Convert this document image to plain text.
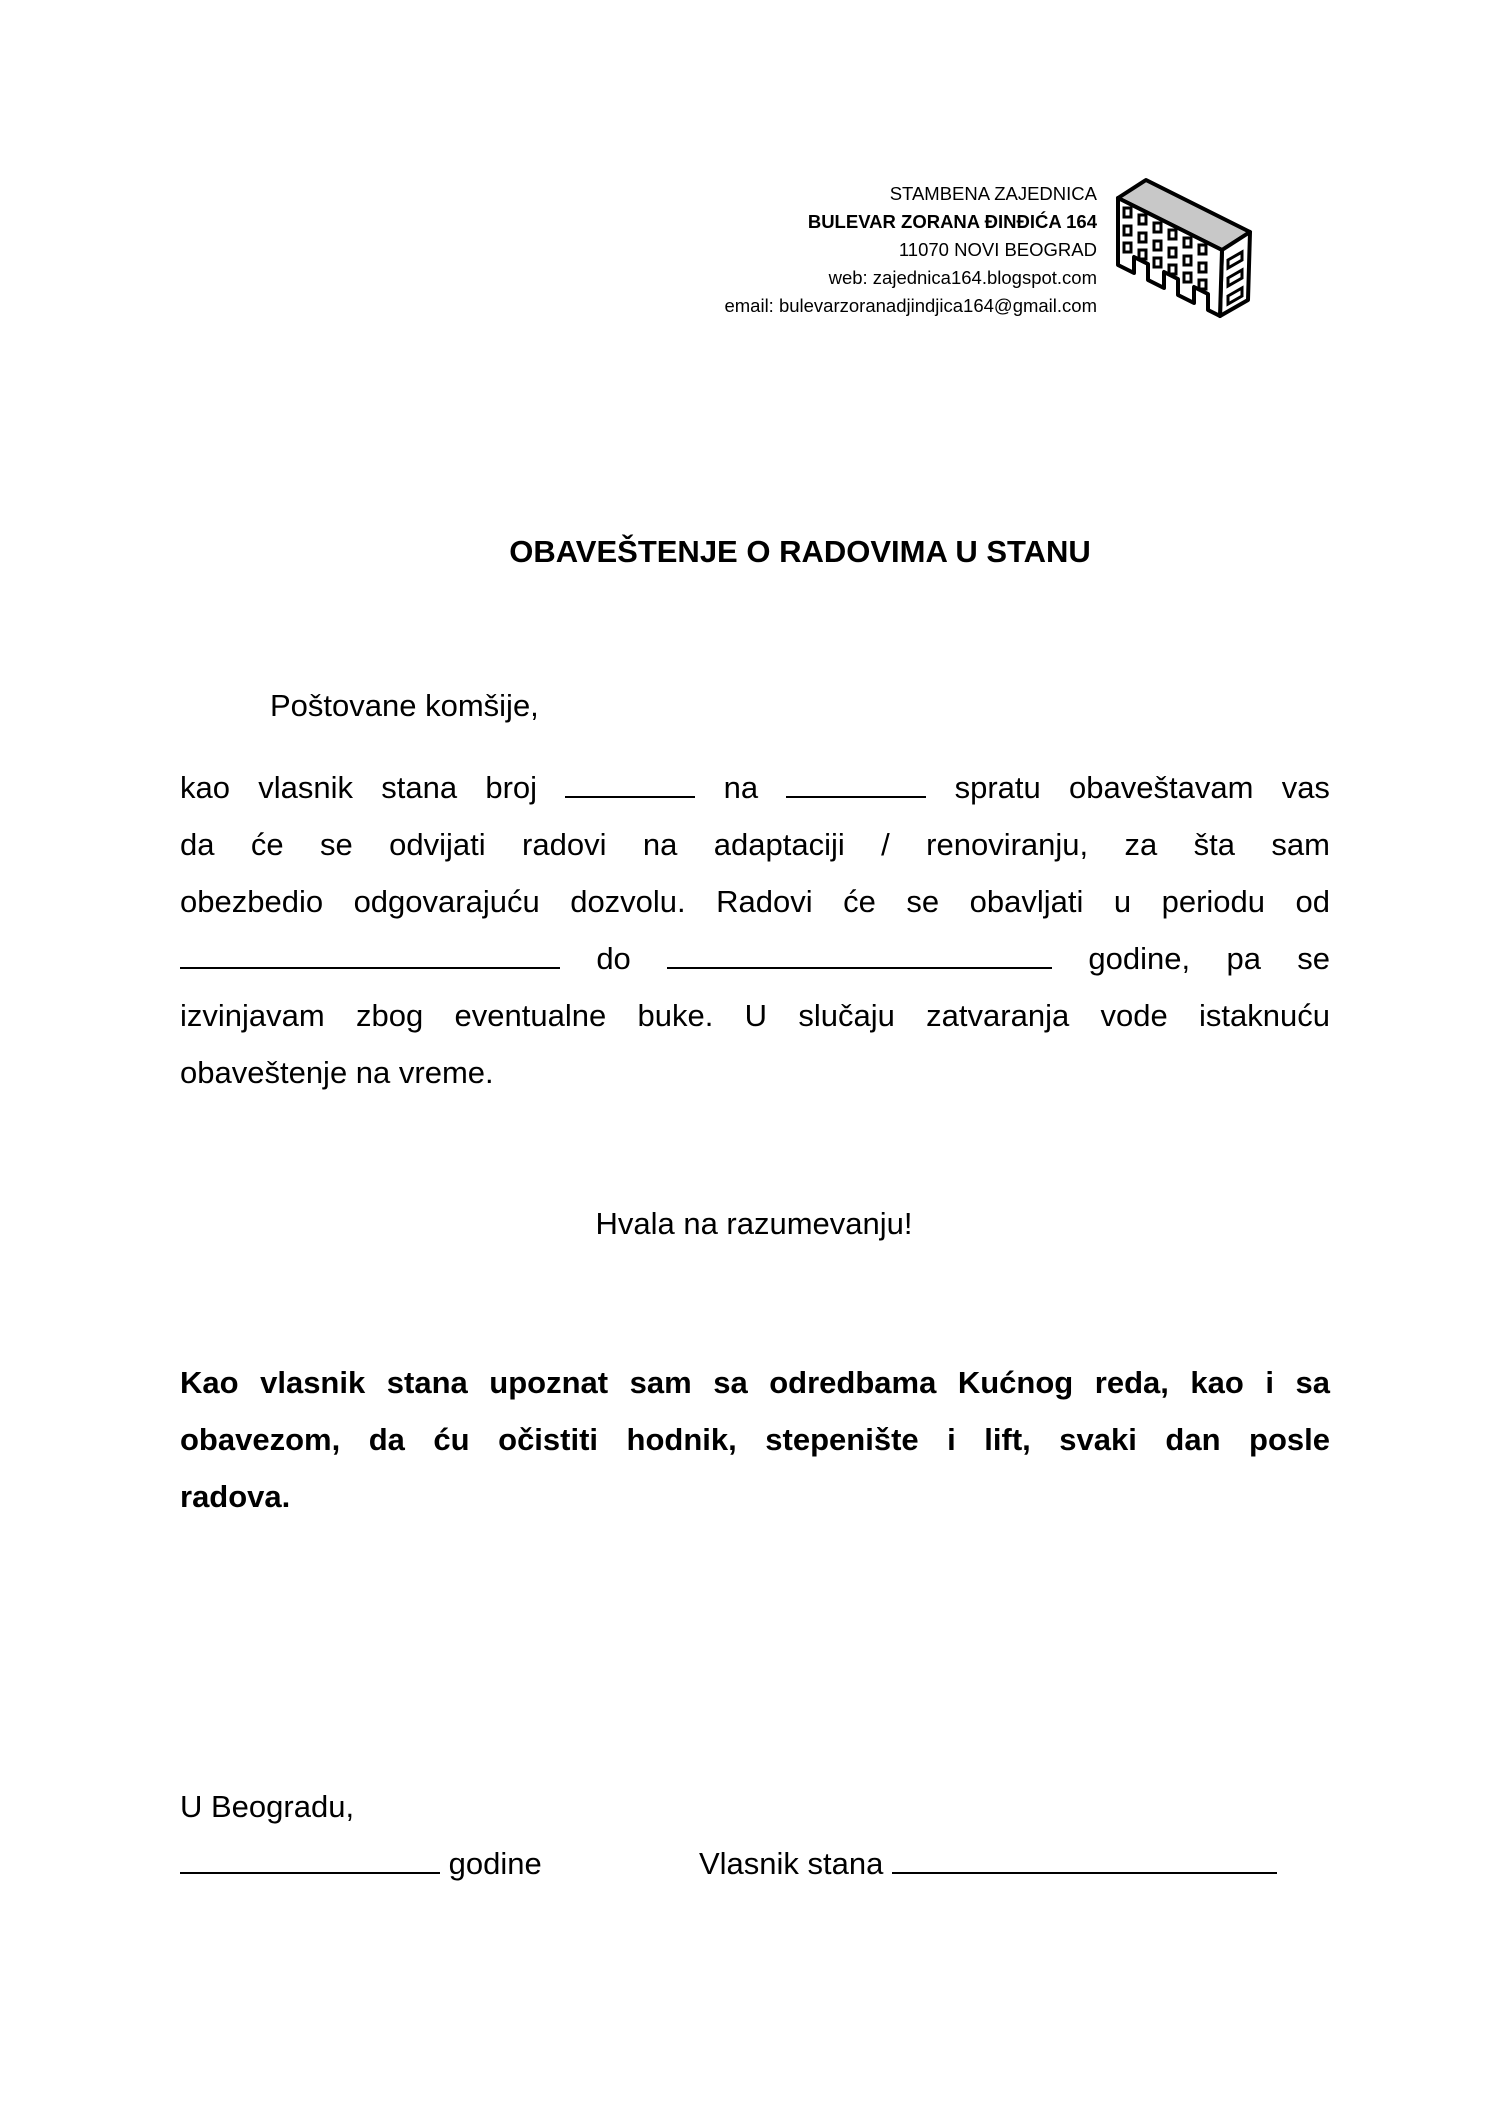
STAMBENA ZAJEDNICA
BULEVAR ZORANA ĐINĐIĆA 164
11070 NOVI BEOGRAD
web: zajednica164.blogspot.com
email: bulevarzoranadjindjica164@gmail.com
OBAVEŠTENJE O RADOVIMA U STANU
Poštovane komšije,
kao vlasnik stana broj	na	spratu obaveštavam vas
da će se odvijati radovi na adaptaciji / renoviranju, za šta sam
obezbedio odgovarajuću dozvolu. Radovi će se obavljati u periodu od
do	godine, pa se
izvinjavam zbog eventualne buke. U slučaju zatvaranja vode istaknuću
obaveštenje na vreme.
Hvala na razumevanju!
Kao vlasnik stana upoznat sam sa odredbama Kućnog reda, kao i sa
obavezom, da ću očistiti hodnik, stepenište i lift, svaki dan posle
radova.
U Beogradu,
godine	Vlasnik stana
